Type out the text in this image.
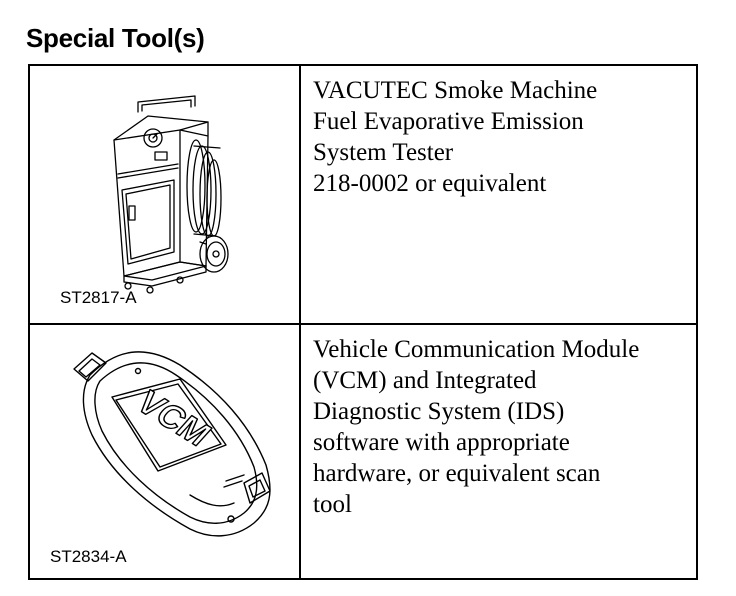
Special Tool(s)
ST2817-A
VACUTEC Smoke Machine
Fuel Evaporative Emission
System Tester
218-0002 or equivalent
VCM
ST2834-A
Vehicle Communication Module
(VCM) and Integrated
Diagnostic System (IDS)
software with appropriate
hardware, or equivalent scan
tool
